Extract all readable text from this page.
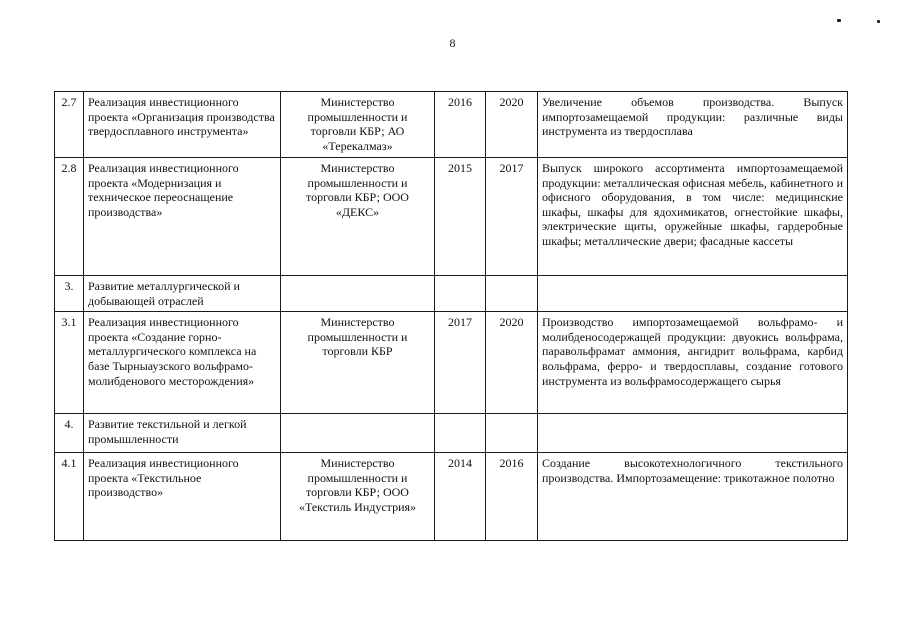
8
2.7	Реализация инвестиционного проекта «Организация производства твердосплавного инструмента»	Министерство промышленности и торговли КБР; АО «Терекалмаз»	2016	2020	Увеличение объемов производства. Выпуск импортозамещаемой продукции: различные виды инструмента из твердосплава
2.8	Реализация инвестиционного проекта «Модернизация и техническое переоснащение производства»	Министерство промышленности и торговли КБР; ООО «ДЕКС»	2015	2017	Выпуск широкого ассортимента импортозамещаемой продукции: металлическая офисная мебель, кабинетного и офисного оборудования, в том числе: медицинские шкафы, шкафы для ядохимикатов, огнестойкие шкафы, электрические щиты, оружейные шкафы, гардеробные шкафы; металлические двери; фасадные кассеты
3.	Развитие металлургической и добывающей отраслей				
3.1	Реализация инвестиционного проекта «Создание горно-металлургического комплекса на базе Тырныаузского вольфрамо-молибденового месторождения»	Министерство промышленности и торговли КБР	2017	2020	Производство импортозамещаемой вольфрамо- и молибденосодержащей продукции: двуокись вольфрама, паравольфрамат аммония, ангидрит вольфрама, карбид вольфрама, ферро- и твердосплавы, создание готового инструмента из вольфрамосодержащего сырья
4.	Развитие текстильной и легкой промышленности				
4.1	Реализация инвестиционного проекта «Текстильное производство»	Министерство промышленности и торговли КБР; ООО «Текстиль Индустрия»	2014	2016	Создание высокотехнологичного текстильного производства. Импортозамещение: трикотажное полотно
